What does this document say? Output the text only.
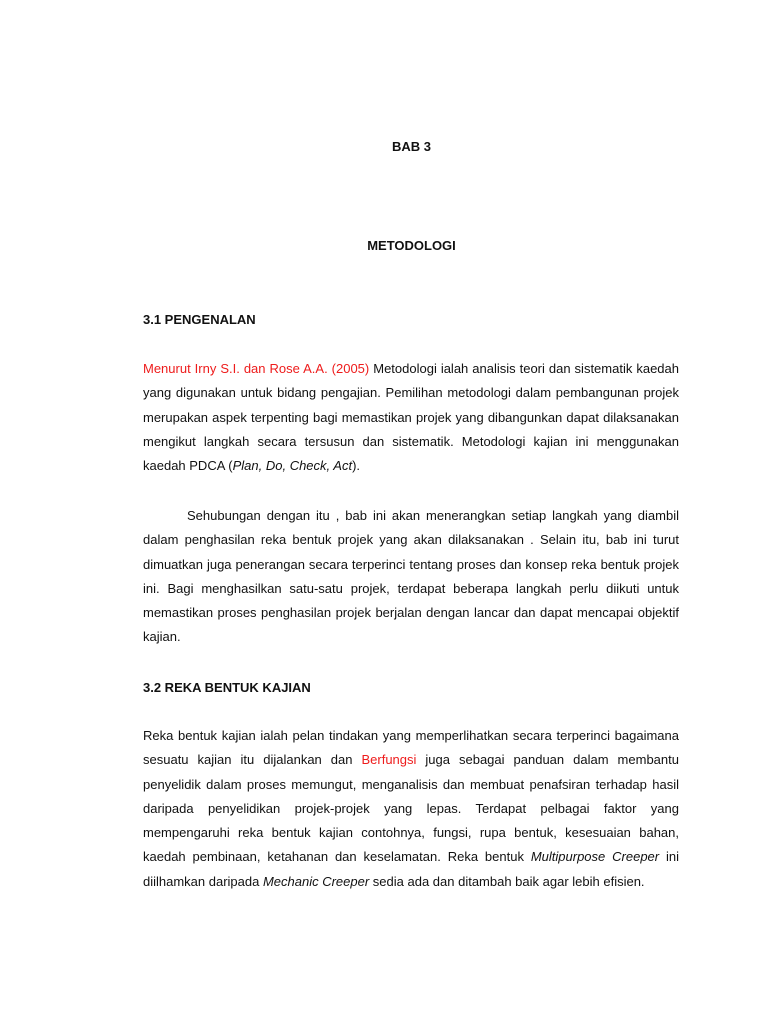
BAB 3
METODOLOGI
3.1 PENGENALAN

Menurut Irny S.I. dan Rose A.A. (2005) Metodologi ialah analisis teori dan sistematik kaedah yang digunakan untuk bidang pengajian. Pemilihan metodologi dalam pembangunan projek merupakan aspek terpenting bagi memastikan projek yang dibangunkan dapat dilaksanakan mengikut langkah secara tersusun dan sistematik. Metodologi kajian ini menggunakan kaedah PDCA (Plan, Do, Check, Act).

Sehubungan dengan itu , bab ini akan menerangkan setiap langkah yang diambil dalam penghasilan reka bentuk projek yang akan dilaksanakan . Selain itu, bab ini turut dimuatkan juga penerangan secara terperinci tentang proses dan konsep reka bentuk projek ini. Bagi menghasilkan satu-satu projek, terdapat beberapa langkah perlu diikuti untuk memastikan proses penghasilan projek berjalan dengan lancar dan dapat mencapai objektif kajian.

3.2 REKA BENTUK KAJIAN

Reka bentuk kajian ialah pelan tindakan yang memperlihatkan secara terperinci bagaimana sesuatu kajian itu dijalankan dan Berfungsi juga sebagai panduan dalam membantu penyelidik dalam proses memungut, menganalisis dan membuat penafsiran terhadap hasil daripada penyelidikan projek-projek yang lepas. Terdapat pelbagai faktor yang mempengaruhi reka bentuk kajian contohnya, fungsi, rupa bentuk, kesesuaian bahan, kaedah pembinaan, ketahanan dan keselamatan. Reka bentuk Multipurpose Creeper ini diilhamkan daripada Mechanic Creeper sedia ada dan ditambah baik agar lebih efisien.
